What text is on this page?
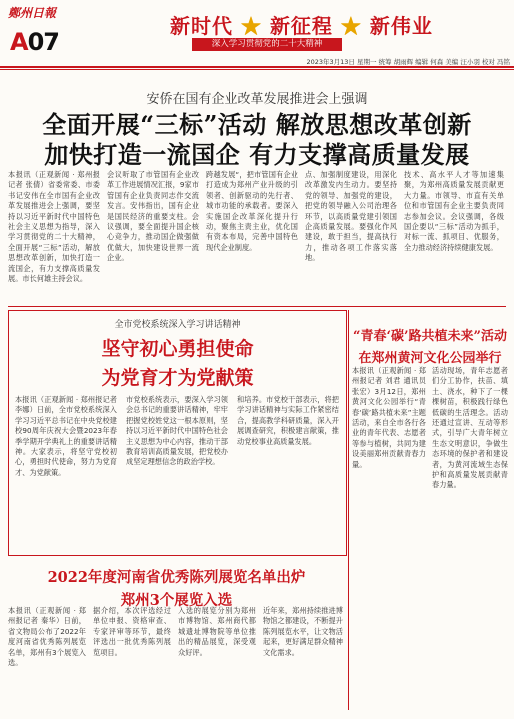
鄭州日報
A07
新时代 ★ 新征程 ★ 新伟业
深入学习贯彻党的二十大精神
2023年3月13日 星期一 统筹 胡雨辉 编辑 何森 美编 汪小羽 校对 冯铭
安侨在国有企业改革发展推进会上强调
全面开展“三标”活动 解放思想改革创新
加快打造一流国企 有力支撑高质量发展
本报讯（正观新闻 · 郑州报记者 张倩）省委常委、市委书记安伟在全市国有企业改革发展推进会上强调，要坚持以习近平新时代中国特色社会主义思想为指导，深入学习贯彻党的二十大精神，全面开展“三标”活动，解放思想改革创新，加快打造一流国企，有力支撑高质量发展。市长何雄主持会议。
会议听取了市管国有企业改革工作进展情况汇报，9家市管国有企业负责同志作交流发言。安伟指出，国有企业是国民经济的重要支柱。会议强调，要全面提升国企核心竞争力，推动国企做强做优做大，加快建设世界一流企业。
跨越发展“，把市管国有企业打造成为郑州产业升级的引领者、创新驱动的先行者、城市功能的承载者。要深入实施国企改革深化提升行动，聚焦主责主业，优化国有资本布局，完善中国特色现代企业制度。
点、加强制度建设，用深化改革激发内生动力。要坚持党的领导、加强党的建设，把党的领导融入公司治理各环节，以高质量党建引领国企高质量发展。要强化作风建设，敢于担当，提高执行力，推动各项工作落实落地。
技术、高水平人才等加速集聚，为郑州高质量发展贡献更大力量。市领导、市直有关单位和市管国有企业主要负责同志参加会议。会议强调，各级国企要以“三标”活动为抓手，对标一流、抓项目、优服务，全力推动经济持续健康发展。
全市党校系统深入学习讲话精神
坚守初心勇担使命
为党育才为党献策
本报讯（正观新闻 · 郑州报记者 李娜）日前，全市党校系统深入学习习近平总书记在中央党校建校90周年庆祝大会暨2023年春季学期开学典礼上的重要讲话精神。大家表示，将坚守党校初心，勇担时代使命，努力为党育才、为党献策。
市党校系统表示，要深入学习领会总书记的重要讲话精神，牢牢把握党校姓党这一根本原则，坚持以习近平新时代中国特色社会主义思想为中心内容，推动干部教育培训高质量发展，把党校办成坚定理想信念的政治学校。
和培养。市党校干部表示，将把学习讲话精神与实际工作紧密结合，提高教学科研质量，深入开展调查研究，积极建言献策，推动党校事业高质量发展。
“青春‘碳’路共植未来”活动
在郑州黄河文化公园举行
本报讯（正观新闻 · 郑州报记者 刘君 通讯员 张宏）3月12日，郑州黄河文化公园举行“青春‘碳’路共植未来”主题活动，来自全市各行各业的青年代表、志愿者等参与植树，共同为建设美丽郑州贡献青春力量。
活动现场，青年志愿者们分工协作，扶苗、填土、浇水，种下了一棵棵树苗，积极践行绿色低碳的生活理念。活动还通过宣讲、互动等形式，引导广大青年树立生态文明意识，争做生态环境的保护者和建设者，为黄河流域生态保护和高质量发展贡献青春力量。
2022年度河南省优秀陈列展览名单出炉
郑州3个展览入选
本报讯（正观新闻 · 郑州报记者 秦华）日前，省文物局公布了2022年度河南省优秀陈列展览名单，郑州有3个展览入选。
据介绍，本次评选经过单位申报、资格审查、专家评审等环节，最终评选出一批优秀陈列展览项目。
入选的展览分别为郑州市博物馆、郑州商代都城遗址博物院等单位推出的精品展览，深受观众好评。
近年来，郑州持续推进博物馆之都建设，不断提升陈列展览水平，让文物活起来，更好满足群众精神文化需求。
